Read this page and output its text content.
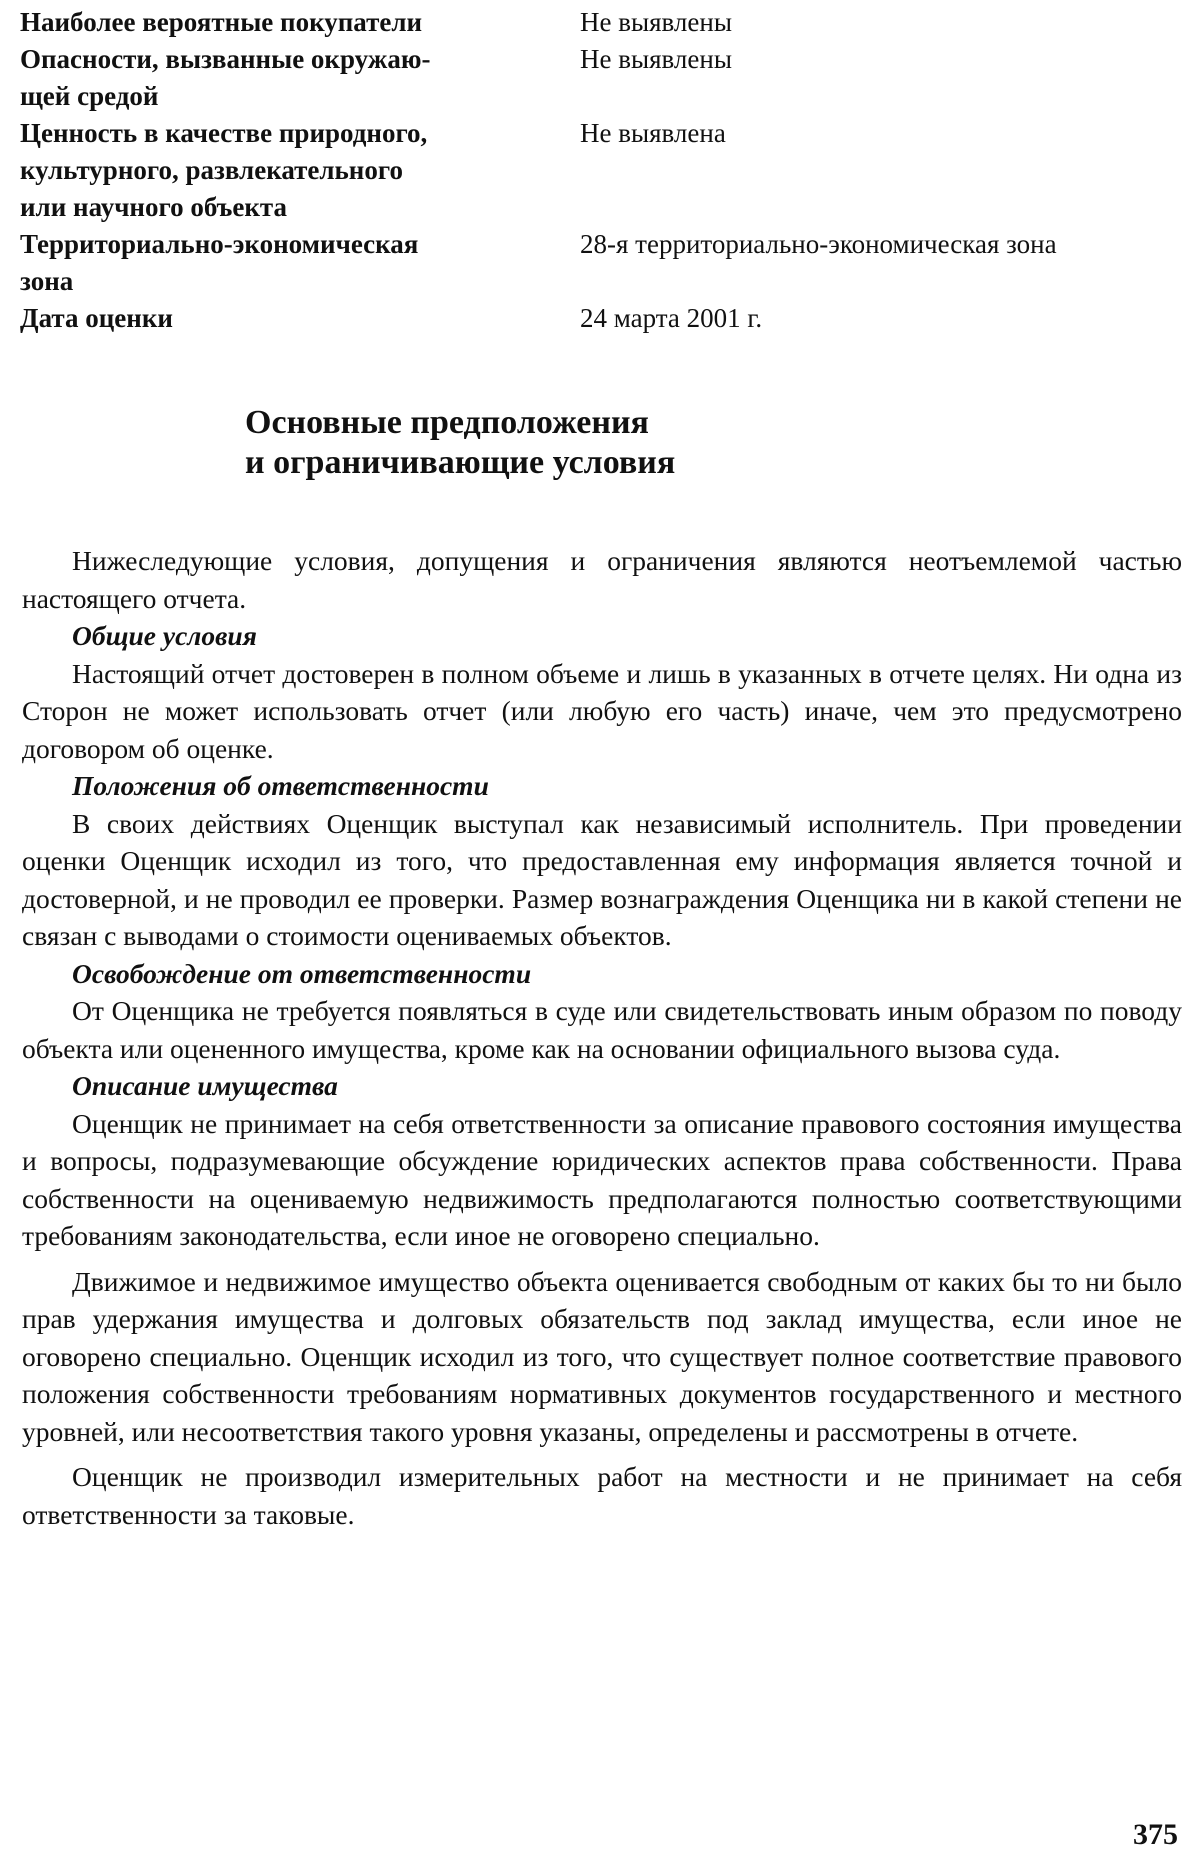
Наиболее вероятные покупатели	Не выявлены
Опасности, вызванные окружаю-
щей средой
Не выявлены
Ценность в качестве природного,
культурного, развлекательного
или научного объекта
Не выявлена
Территориально-экономическая
зона
28-я территориально-экономическая зона
Дата оценки	24 марта 2001 г.
Основные предположения
и ограничивающие условия

Нижеследующие условия, допущения и ограничения являются неотъемлемой частью настоящего отчета.

Общие условия

Настоящий отчет достоверен в полном объеме и лишь в указанных в отчете целях. Ни одна из Сторон не может использовать отчет (или любую его часть) иначе, чем это предусмотрено договором об оценке.

Положения об ответственности

В своих действиях Оценщик выступал как независимый исполнитель. При проведении оценки Оценщик исходил из того, что предоставленная ему информация является точной и достоверной, и не проводил ее проверки. Размер вознаграждения Оценщика ни в какой степени не связан с выводами о стоимости оцениваемых объектов.

Освобождение от ответственности

От Оценщика не требуется появляться в суде или свидетельствовать иным образом по поводу объекта или оцененного имущества, кроме как на основании официального вызова суда.

Описание имущества

Оценщик не принимает на себя ответственности за описание правового состояния имущества и вопросы, подразумевающие обсуждение юридических аспектов права собственности. Права собственности на оцениваемую недвижимость предполагаются полностью соответствующими требованиям законодательства, если иное не оговорено специально.

Движимое и недвижимое имущество объекта оценивается свободным от каких бы то ни было прав удержания имущества и долговых обязательств под заклад имущества, если иное не оговорено специально. Оценщик исходил из того, что существует полное соответствие правового положения собственности требованиям нормативных документов государственного и местного уровней, или несоответствия такого уровня указаны, определены и рассмотрены в отчете.

Оценщик не производил измерительных работ на местности и не принимает на себя ответственности за таковые.

375
